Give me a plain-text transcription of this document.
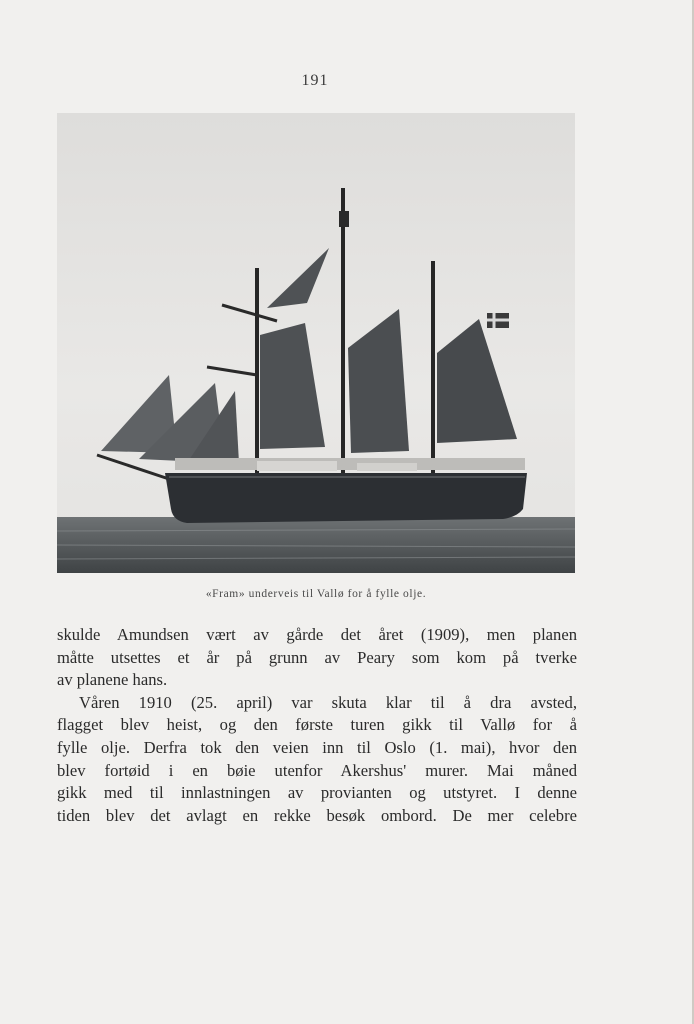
191
«Fram» underveis til Vallø for å fylle olje.
skulde Amundsen vært av gårde det året (1909), men planen
måtte utsettes et år på grunn av Peary som kom på tverke
av planene hans.
Våren 1910 (25. april) var skuta klar til å dra avsted,
flagget blev heist, og den første turen gikk til Vallø for å
fylle olje. Derfra tok den veien inn til Oslo (1. mai), hvor den
blev fortøid i en bøie utenfor Akershus' murer. Mai måned
gikk med til innlastningen av provianten og utstyret. I denne
tiden blev det avlagt en rekke besøk ombord. De mer celebre
